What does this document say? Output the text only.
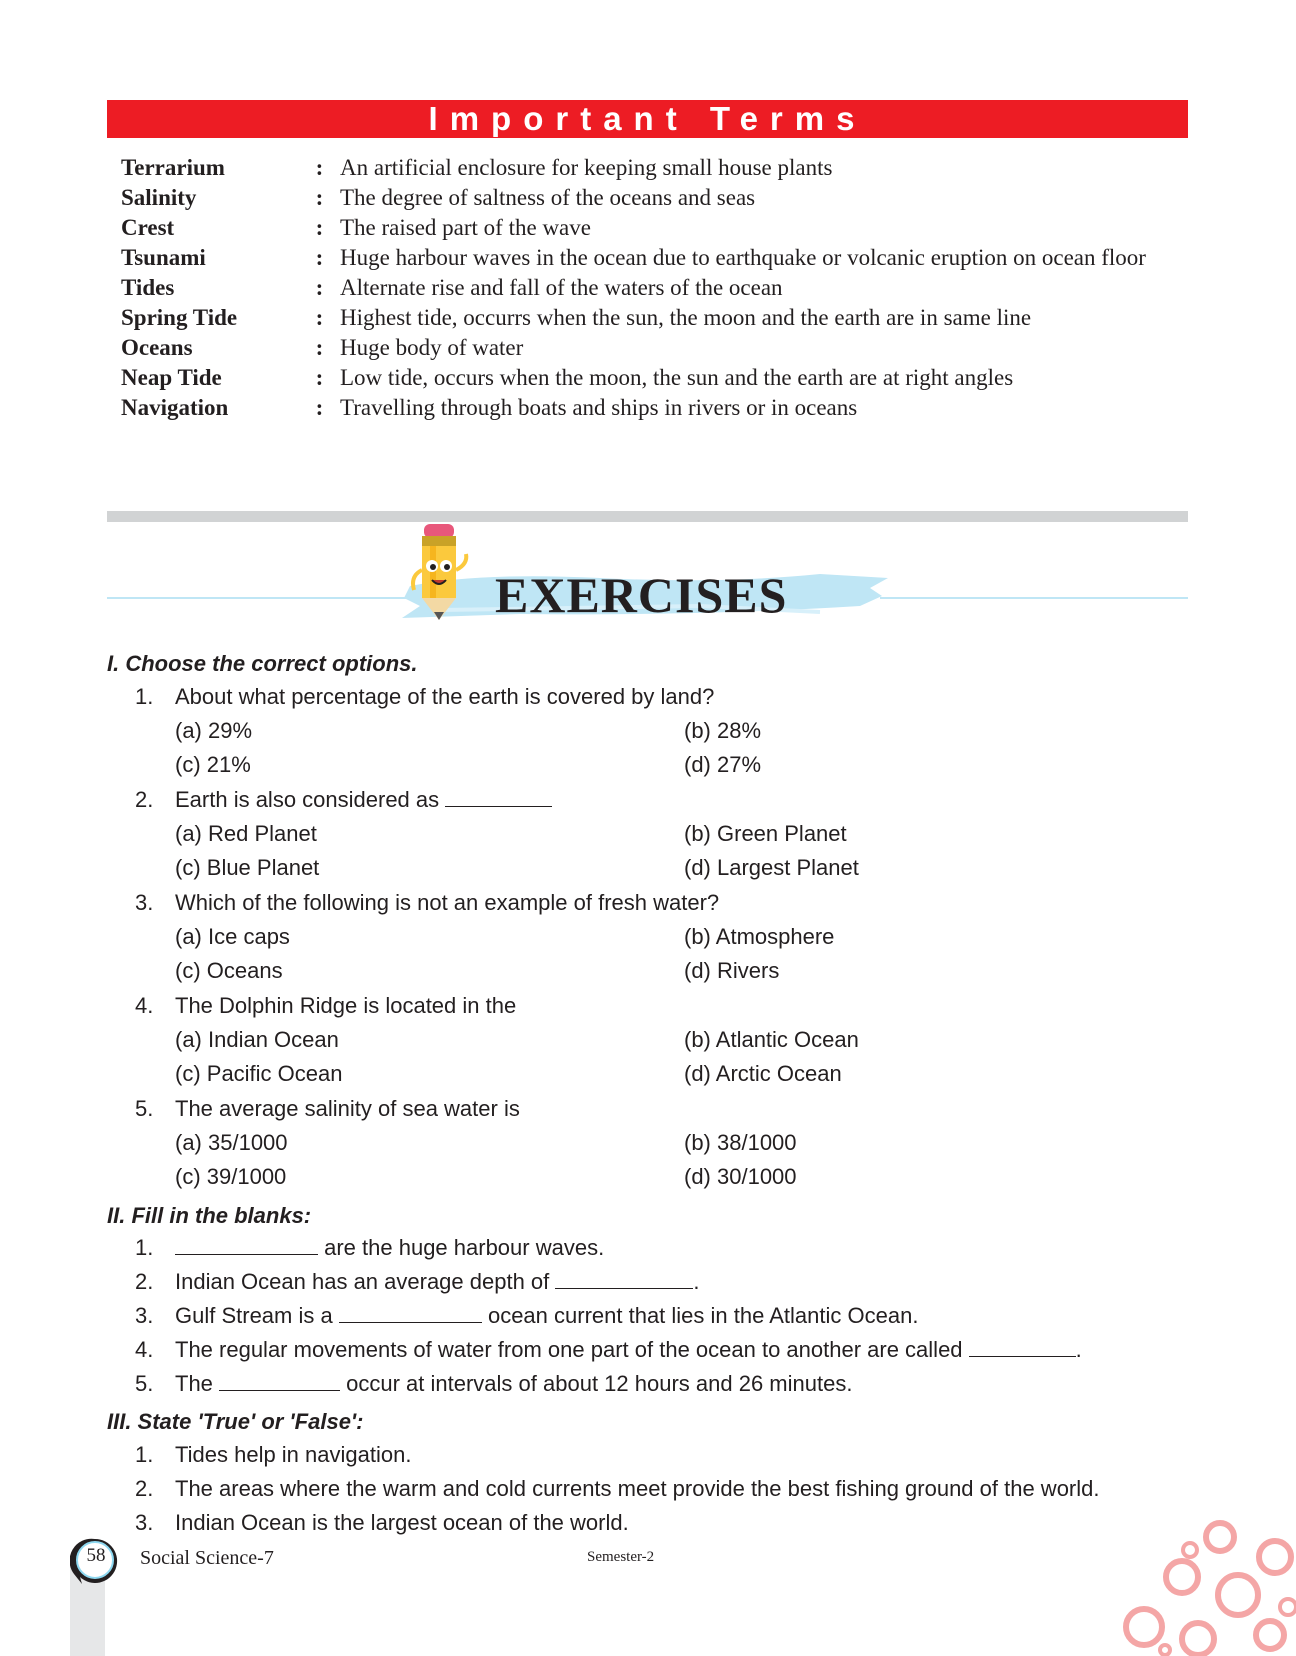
Important Terms
Terrarium	: An artificial enclosure for keeping small house plants
Salinity	: The degree of saltness of the oceans and seas
Crest	: The raised part of the wave
Tsunami	: Huge harbour waves in the ocean due to earthquake or volcanic eruption on ocean floor
Tides	: Alternate rise and fall of the waters of the ocean
Spring Tide	: Highest tide, occurrs when the sun, the moon and the earth are in same line
Oceans	: Huge body of water
Neap Tide	: Low tide, occurs when the moon, the sun and the earth are at right angles
Navigation	: Travelling through boats and ships in rivers or in oceans
EXERCISES
I. Choose the correct options.
1. About what percentage of the earth is covered by land?
(a) 29%	(b) 28%
(c) 21%	(d) 27%
2. Earth is also considered as
(a) Red Planet	(b) Green Planet
(c) Blue Planet	(d) Largest Planet
3. Which of the following is not an example of fresh water?
(a) Ice caps	(b) Atmosphere
(c) Oceans	(d) Rivers
4. The Dolphin Ridge is located in the
(a) Indian Ocean	(b) Atlantic Ocean
(c) Pacific Ocean	(d) Arctic Ocean
5. The average salinity of sea water is
(a) 35/1000	(b) 38/1000
(c) 39/1000	(d) 30/1000
II. Fill in the blanks:
1.	are the huge harbour waves.
2. Indian Ocean has an average depth of	.
3. Gulf Stream is a	ocean current that lies in the Atlantic Ocean.
4. The regular movements of water from one part of the ocean to another are called	.
5. The	occur at intervals of about 12 hours and 26 minutes.
III. State 'True' or 'False':
1. Tides help in navigation.
2. The areas where the warm and cold currents meet provide the best fishing ground of the world.
3. Indian Ocean is the largest ocean of the world.
58	Social Science-7	Semester-2
